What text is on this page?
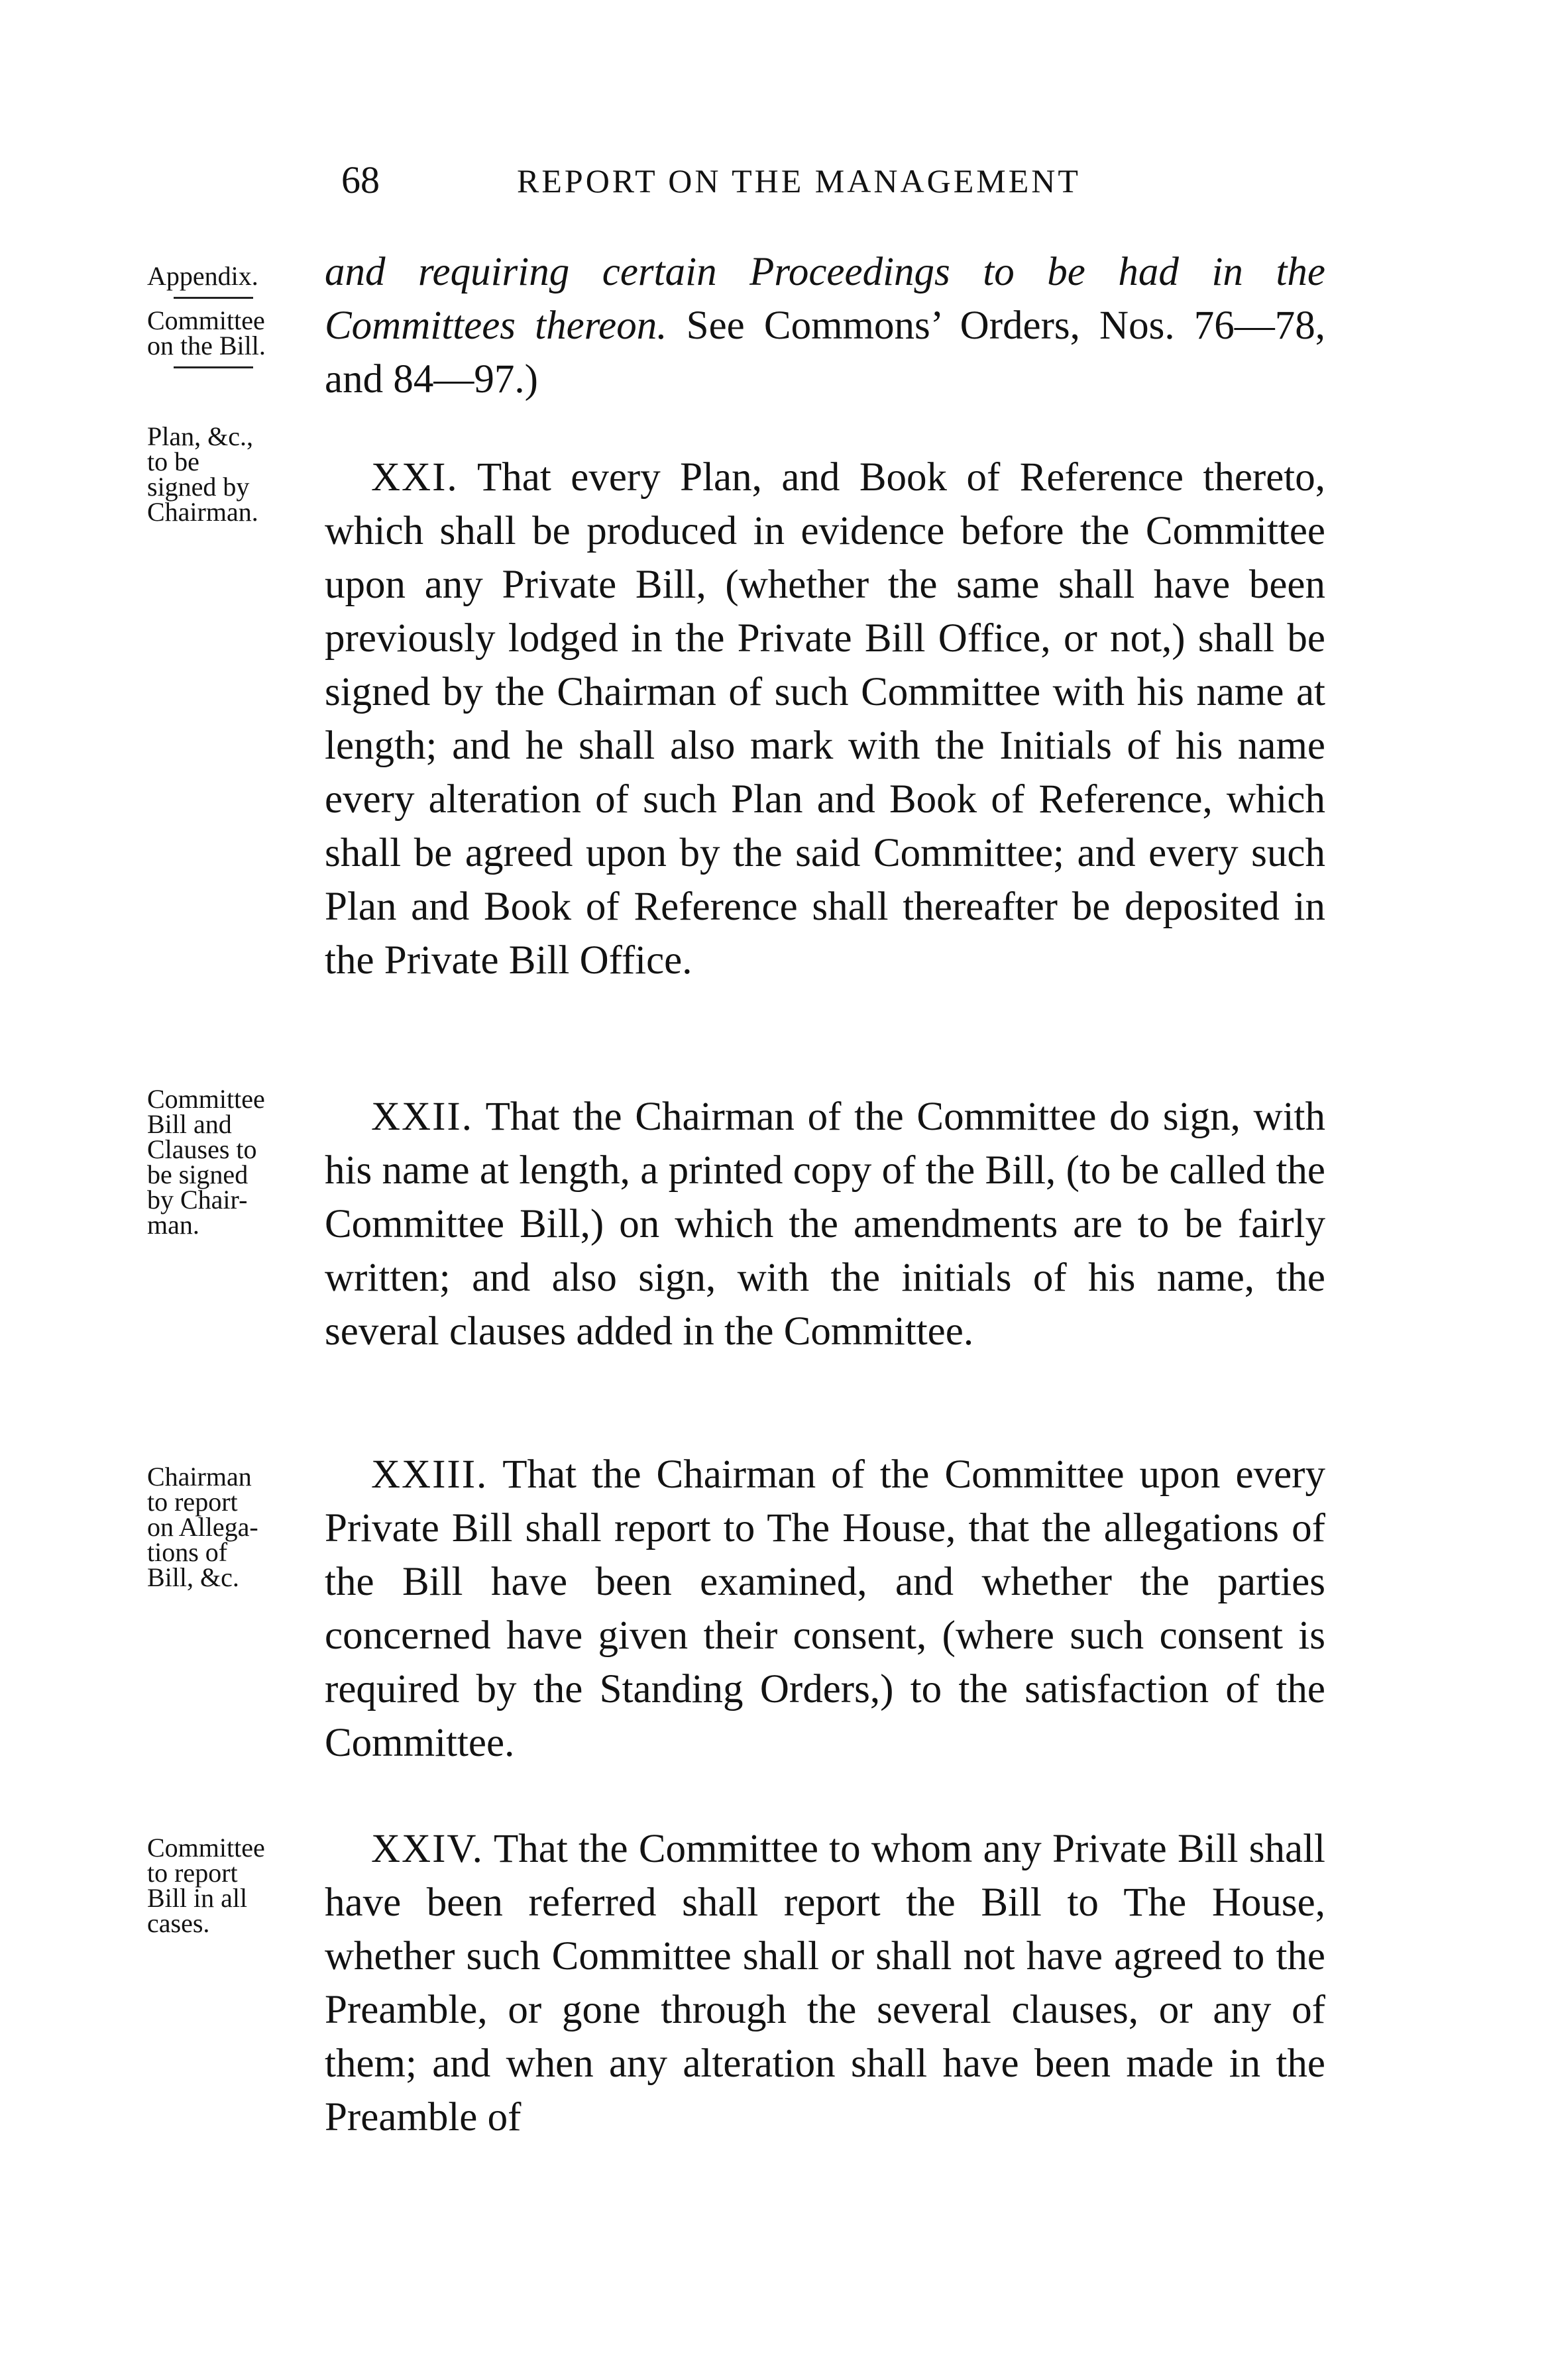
68	REPORT ON THE MANAGEMENT
Appendix.
Committee
on the Bill.

and requiring certain Proceedings to be had in the Committees thereon. See Commons’ Orders, Nos. 76—78, and 84—97.)

Plan, &c.,
to be
signed by
Chairman.

XXI. That every Plan, and Book of Reference thereto, which shall be produced in evidence before the Committee upon any Private Bill, (whether the same shall have been previously lodged in the Private Bill Office, or not,) shall be signed by the Chairman of such Committee with his name at length; and he shall also mark with the Initials of his name every alteration of such Plan and Book of Reference, which shall be agreed upon by the said Committee; and every such Plan and Book of Reference shall thereafter be deposited in the Private Bill Office.

Committee
Bill and
Clauses to
be signed
by Chair-
man.

XXII. That the Chairman of the Committee do sign, with his name at length, a printed copy of the Bill, (to be called the Committee Bill,) on which the amendments are to be fairly written; and also sign, with the initials of his name, the several clauses added in the Committee.

Chairman
to report
on Allega-
tions of
Bill, &c.

XXIII. That the Chairman of the Committee upon every Private Bill shall report to The House, that the allegations of the Bill have been examined, and whether the parties concerned have given their consent, (where such consent is required by the Standing Orders,) to the satisfaction of the Committee.

Committee
to report
Bill in all
cases.

XXIV. That the Committee to whom any Private Bill shall have been referred shall report the Bill to The House, whether such Committee shall or shall not have agreed to the Preamble, or gone through the several clauses, or any of them; and when any alteration shall have been made in the Preamble of
